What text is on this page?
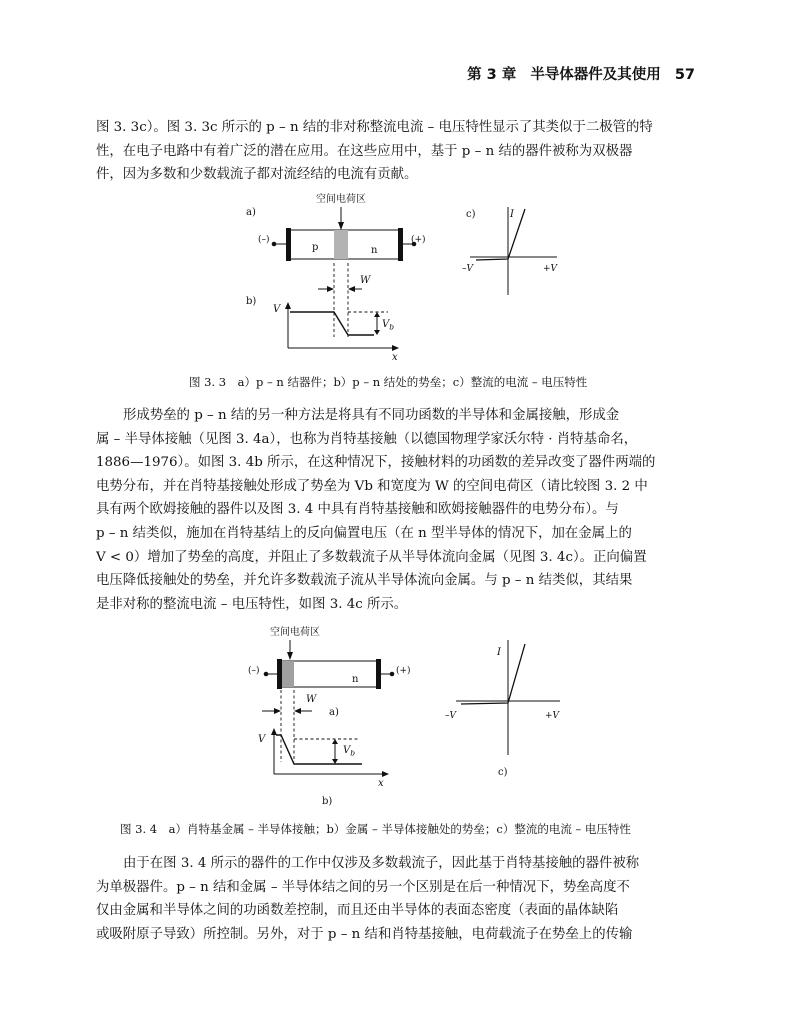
第 3 章 半导体器件及其使用 57
图 3. 3c）。图 3. 3c 所示的 p – n 结的非对称整流电流 – 电压特性显示了其类似于二极管的特
性，在电子电路中有着广泛的潜在应用。在这些应用中，基于 p – n 结的器件被称为双极器
件，因为多数和少数载流子都对流经结的电流有贡献。
a)
空间电荷区
p	n
(–)	(+)
W
b)
V
x
$V_b$
c)	I
–V	+V
图 3. 3　a）p – n 结器件；b）p – n 结处的势垒；c）整流的电流 – 电压特性
形成势垒的 p – n 结的另一种方法是将具有不同功函数的半导体和金属接触，形成金
属 – 半导体接触（见图 3. 4a），也称为肖特基接触（以德国物理学家沃尔特 · 肖特基命名，
1886—1976）。如图 3. 4b 所示，在这种情况下，接触材料的功函数的差异改变了器件两端的
电势分布，并在肖特基接触处形成了势垒为 Vb 和宽度为 W 的空间电荷区（请比较图 3. 2 中
具有两个欧姆接触的器件以及图 3. 4 中具有肖特基接触和欧姆接触器件的电势分布）。与
p – n 结类似，施加在肖特基结上的反向偏置电压（在 n 型半导体的情况下，加在金属上的
V < 0）增加了势垒的高度，并阻止了多数载流子从半导体流向金属（见图 3. 4c）。正向偏置
电压降低接触处的势垒，并允许多数载流子流从半导体流向金属。与 p – n 结类似，其结果
是非对称的整流电流 – 电压特性，如图 3. 4c 所示。
空间电荷区
n
(–)	(+)
W
a)
V
x
$V_b$
b)
I
–V	+V
c)
图 3. 4　a）肖特基金属 – 半导体接触；b）金属 – 半导体接触处的势垒；c）整流的电流 – 电压特性
由于在图 3. 4 所示的器件的工作中仅涉及多数载流子，因此基于肖特基接触的器件被称
为单极器件。p – n 结和金属 – 半导体结之间的另一个区别是在后一种情况下，势垒高度不
仅由金属和半导体之间的功函数差控制，而且还由半导体的表面态密度（表面的晶体缺陷
或吸附原子导致）所控制。另外，对于 p – n 结和肖特基接触，电荷载流子在势垒上的传输
